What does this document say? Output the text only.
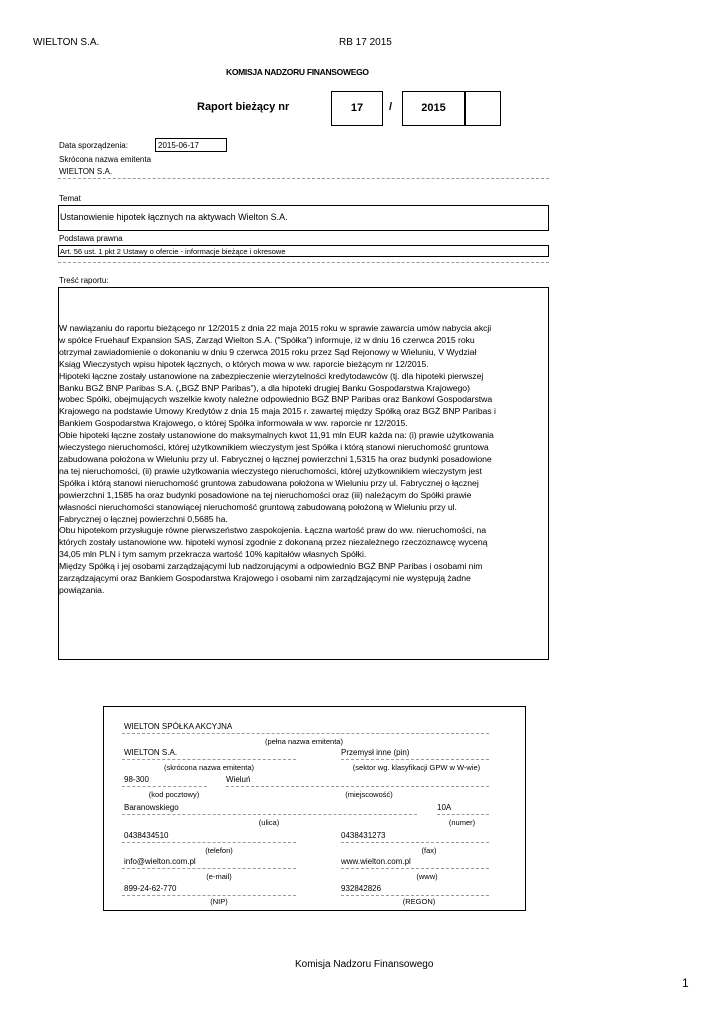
WIELTON S.A.	RB 17 2015
KOMISJA NADZORU FINANSOWEGO
Raport bieżący nr	17	/	2015
Data sporządzenia:	2015-06-17
Skrócona nazwa emitenta
WIELTON S.A.
Temat
Ustanowienie hipotek łącznych na aktywach Wielton S.A.
Podstawa prawna
Art. 56 ust. 1 pkt 2 Ustawy o ofercie - informacje bieżące i okresowe
Treść raportu:
W nawiązaniu do raportu bieżącego nr 12/2015 z dnia 22 maja 2015 roku w sprawie zawarcia umów nabycia akcji
w spółce Fruehauf Expansion SAS, Zarząd Wielton S.A. ("Spółka") informuje, iż w dniu 16 czerwca 2015 roku
otrzymał zawiadomienie o dokonaniu w dniu 9 czerwca 2015 roku przez Sąd Rejonowy w Wieluniu, V Wydział
Ksiąg Wieczystych wpisu hipotek łącznych, o których mowa w ww. raporcie bieżącym nr 12/2015.
Hipoteki łączne zostały ustanowione na zabezpieczenie wierzytelności kredytodawców (tj. dla hipoteki pierwszej
Banku BGŻ BNP Paribas S.A. („BGŻ BNP Paribas”), a dla hipoteki drugiej Banku Gospodarstwa Krajowego)
wobec Spółki, obejmujących wszelkie kwoty należne odpowiednio BGŻ BNP Paribas oraz Bankowi Gospodarstwa
Krajowego na podstawie Umowy Kredytów z dnia 15 maja 2015 r. zawartej między Spółką oraz BGŻ BNP Paribas i
Bankiem Gospodarstwa Krajowego, o której Spółka informowała w ww. raporcie nr 12/2015.
Obie hipoteki łączne zostały ustanowione do maksymalnych kwot 11,91 mln EUR każda na: (i) prawie użytkowania
wieczystego nieruchomości, której użytkownikiem wieczystym jest Spółka i którą stanowi nieruchomość gruntowa
zabudowana położona w Wieluniu przy ul. Fabrycznej o łącznej powierzchni 1,5315 ha oraz budynki posadowione
na tej nieruchomości, (ii) prawie użytkowania wieczystego nieruchomości, której użytkownikiem wieczystym jest
Spółka i którą stanowi nieruchomość gruntowa zabudowana położona w Wieluniu przy ul. Fabrycznej o łącznej
powierzchni 1,1585 ha oraz budynki posadowione na tej nieruchomości oraz (iii) należącym do Spółki prawie
własności nieruchomości stanowiącej nieruchomość gruntową zabudowaną położoną w Wieluniu przy ul.
Fabrycznej o łącznej powierzchni 0,5685 ha.
Obu hipotekom przysługuje równe pierwszeństwo zaspokojenia. Łączna wartość praw do ww. nieruchomości, na
których zostały ustanowione ww. hipoteki wynosi zgodnie z dokonaną przez niezależnego rzeczoznawcę wyceną
34,05 mln PLN i tym samym przekracza wartość 10% kapitałów własnych Spółki.
Między Spółką i jej osobami zarządzającymi lub nadzorującymi a odpowiednio BGŻ BNP Paribas i osobami nim
zarządzającymi oraz Bankiem Gospodarstwa Krajowego i osobami nim zarządzającymi nie występują żadne
powiązania.
WIELTON SPÓŁKA AKCYJNA
(pełna nazwa emitenta)
WIELTON S.A.	Przemysł inne (pin)
(skrócona nazwa emitenta)	(sektor wg. klasyfikacji GPW w W-wie)
98-300	Wieluń
(kod pocztowy)	(miejscowość)
Baranowskiego	10A
(ulica)	(numer)
0438434510	0438431273
(telefon)	(fax)
info@wielton.com.pl	www.wielton.com.pl
(e-mail)	(www)
899-24-62-770	932842826
(NIP)	(REGON)
Komisja Nadzoru Finansowego
1
